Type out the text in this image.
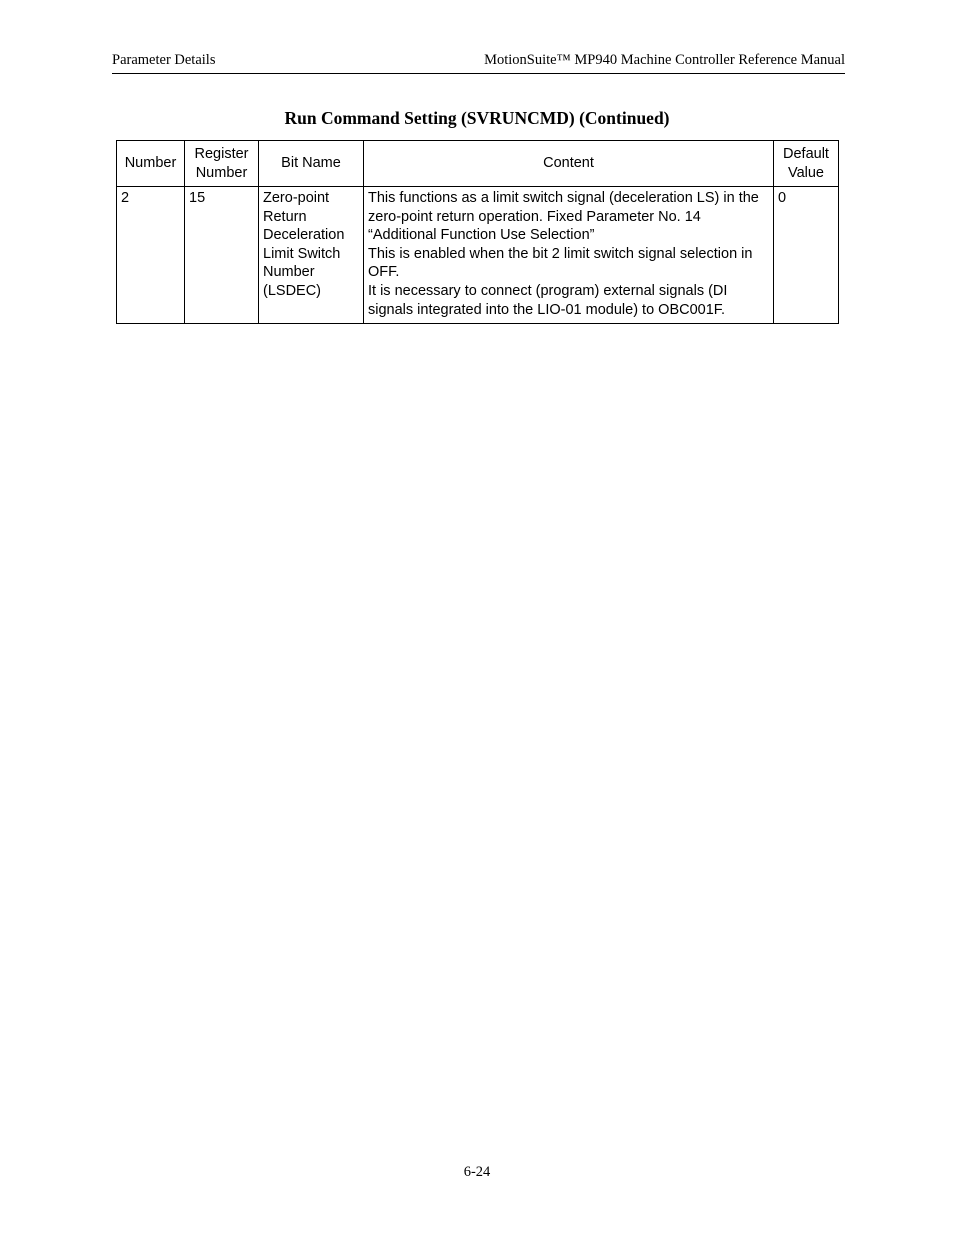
Parameter Details	MotionSuite™ MP940 Machine Controller Reference Manual
Run Command Setting (SVRUNCMD) (Continued)
Number	Register Number	Bit Name	Content	Default Value
2	15	Zero-point Return Deceleration Limit Switch Number (LSDEC)	This functions as a limit switch signal (deceleration LS) in the zero-point return operation. Fixed Parameter No. 14 “Additional Function Use Selection”
This is enabled when the bit 2 limit switch signal selection in OFF.
It is necessary to connect (program) external signals (DI signals integrated into the LIO-01 module) to OBC001F.	0
6-24
